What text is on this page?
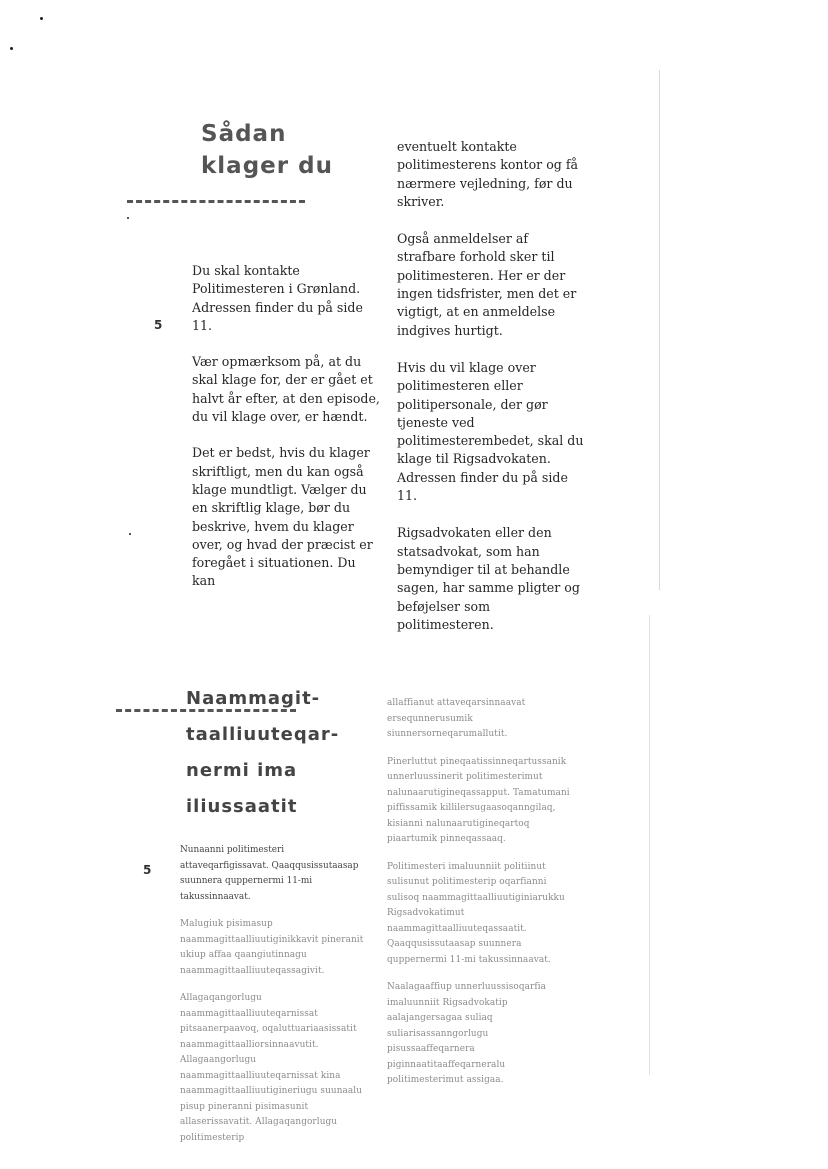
Sådan
klager du

Du skal kontakte Politimesteren i Grønland. Adressen finder du på side 11.

Vær opmærksom på, at du skal klage for, der er gået et halvt år efter, at den episode, du vil klage over, er hændt.

Det er bedst, hvis du klager skriftligt, men du kan også klage mundtligt. Vælger du en skriftlig klage, bør du beskrive, hvem du klager over, og hvad der præcist er foregået i situationen. Du kan

5

eventuelt kontakte politimesterens kontor og få nærmere vejledning, før du skriver.

Også anmeldelser af strafbare forhold sker til politimesteren. Her er der ingen tidsfrister, men det er vigtigt, at en anmeldelse indgives hurtigt.

Hvis du vil klage over politimesteren eller politipersonale, der gør tjeneste ved politimesterembedet, skal du klage til Rigsadvokaten. Adressen finder du på side 11.

Rigsadvokaten eller den statsadvokat, som han bemyndiger til at behandle sagen, har samme pligter og beføjelser som politimesteren.

Naammagit-
taalliuuteqar-
nermi ima
iliussaatit
5

Nunaanni politimesteri attaveqarfigissavat. Qaaqqusissutaasap suunnera quppernermi 11-mi takussinnaavat.

Malugiuk pisimasup naammagittaalliuutiginikkavit pineranit ukiup affaa qaangiutinnagu naammagittaalliuuteqassagivit.

Allagaqangorlugu naammagittaalliuuteqarnissat pitsaanerpaavoq, oqaluttuariaasissatit naammagittaalliorsinnaavutit. Allagaangorlugu naammagittaalliuuteqarnissat kina naammagittaalliuutigineriugu suunaalu pisup pineranni pisimasunit allaserissavatit. Allagaqangorlugu politimesterip

allaffianut attaveqarsinnaavat ersequnnerusumik siunnersorneqarumallutit.

Pinerluttut pineqaatissinneqartussanik unnerluussinerit politimesterimut nalunaarutigineqassapput. Tamatumani piffissamik killilersugaasoqanngilaq, kisianni nalunaarutigineqartoq piaartumik pinneqassaaq.

Politimesteri imaluunniit politiinut sulisunut politimesterip oqarfianni sulisoq naammagittaalliuutiginiarukku Rigsadvokatimut naammagittaalliuuteqassaatit. Qaaqqusissutaasap suunnera quppernermi 11-mi takussinnaavat.

Naalagaaffiup unnerluussisoqarfia imaluunniit Rigsadvokatip aalajangersagaa suliaq suliarisassanngorlugu pisussaaffeqarnera piginnaatitaaffeqarneralu politimesterimut assigaa.
